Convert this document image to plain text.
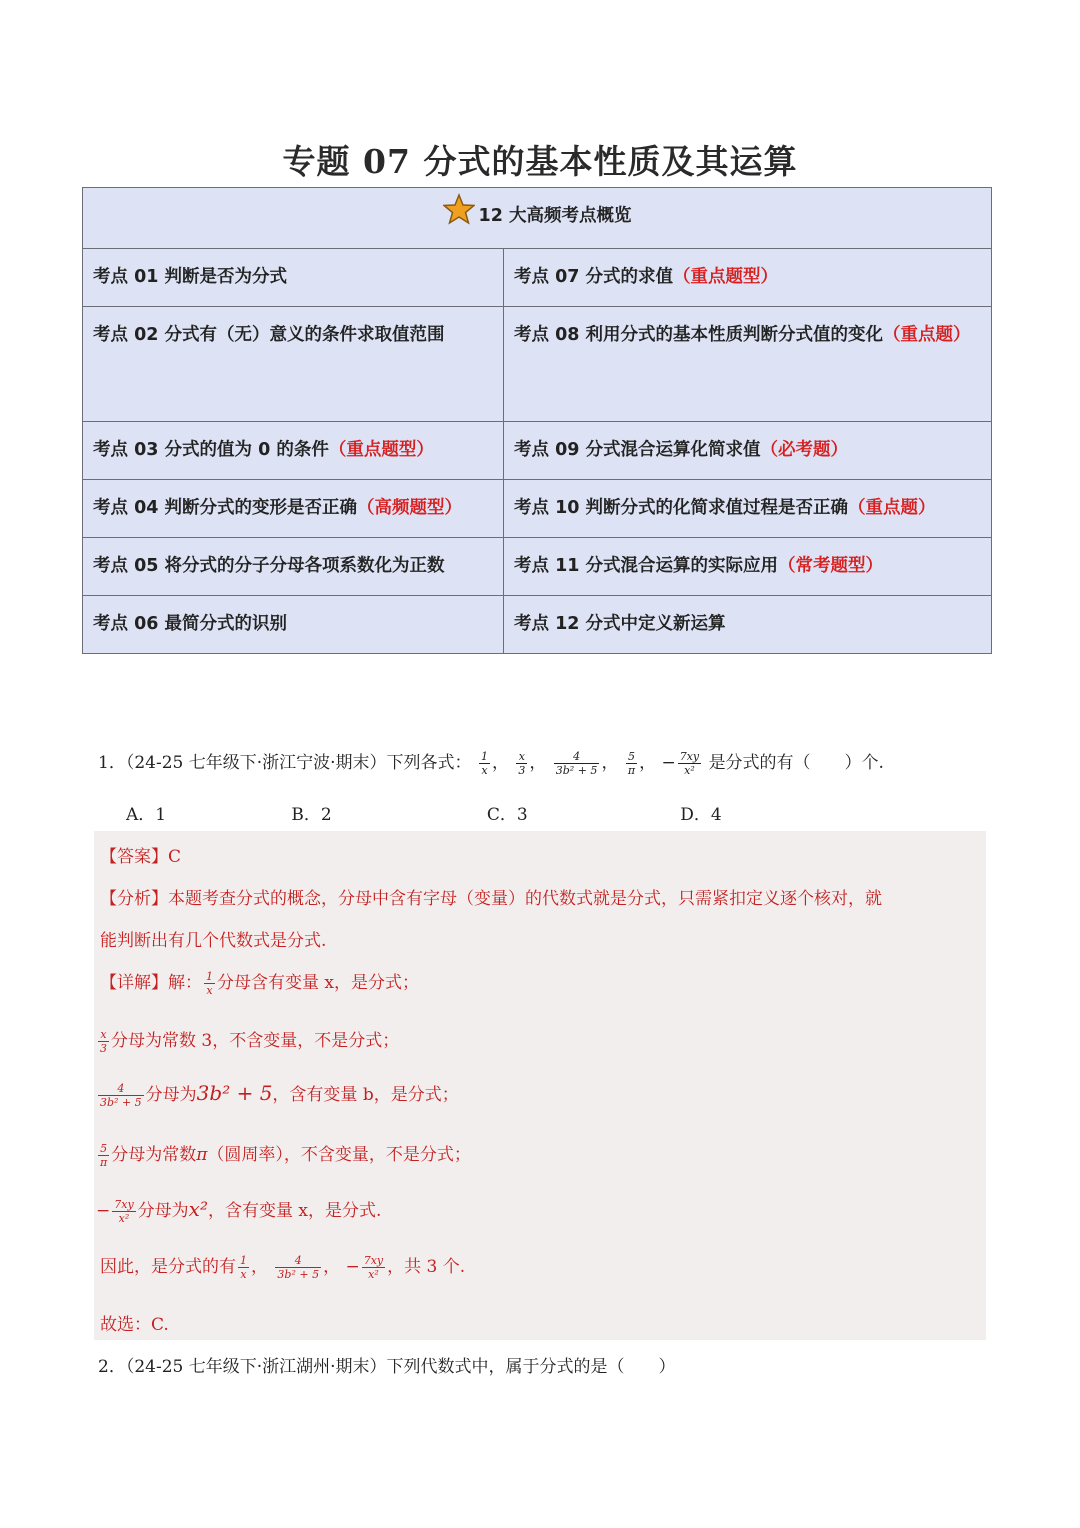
专题 07 分式的基本性质及其运算
12 大高频考点概览	
考点 01 判断是否为分式	考点 07 分式的求值（重点题型）
考点 02 分式有（无）意义的条件求取值范围	考点 08 利用分式的基本性质判断分式值的变化（重点题）
考点 03 分式的值为 0 的条件（重点题型）	考点 09 分式混合运算化简求值（必考题）
考点 04 判断分式的变形是否正确（高频题型）	考点 10 判断分式的化简求值过程是否正确（重点题）
考点 05 将分式的分子分母各项系数化为正数	考点 11 分式混合运算的实际应用（常考题型）
考点 06 最简分式的识别	考点 12 分式中定义新运算
1．（24-25 七年级下·浙江宁波·期末）下列各式： $\frac{1}{x}$ ， $\frac{x}{3}$ ， $\frac{4}{\text{3b² + 5}}$ ， $\frac{5}{\pi}$ ， − $\frac{7xy}{\text{x²}}$ 是分式的有（　　）个.
A．1	B．2	C．3	D．4
【答案】C
【分析】本题考查分式的概念，分母中含有字母（变量）的代数式就是分式，只需紧扣定义逐个核对，就
能判断出有几个代数式是分式.
【详解】解： $\frac{1}{x}$ 分母含有变量 x，是分式；
$\frac{x}{3}$ 分母为常数 3，不含变量，不是分式；
$\frac{4}{\text{3b² + 5}}$ 分母为3b² + 5，含有变量 b，是分式；
$\frac{5}{\pi}$ 分母为常数π（圆周率），不含变量，不是分式；
− $\frac{7xy}{\text{x²}}$ 分母为x²，含有变量 x，是分式.
因此，是分式的有 $\frac{1}{x}$ ， $\frac{4}{\text{3b² + 5}}$ ， − $\frac{7xy}{\text{x²}}$ ，共 3 个.
故选：C.
2．（24-25 七年级下·浙江湖州·期末）下列代数式中，属于分式的是（　　）
